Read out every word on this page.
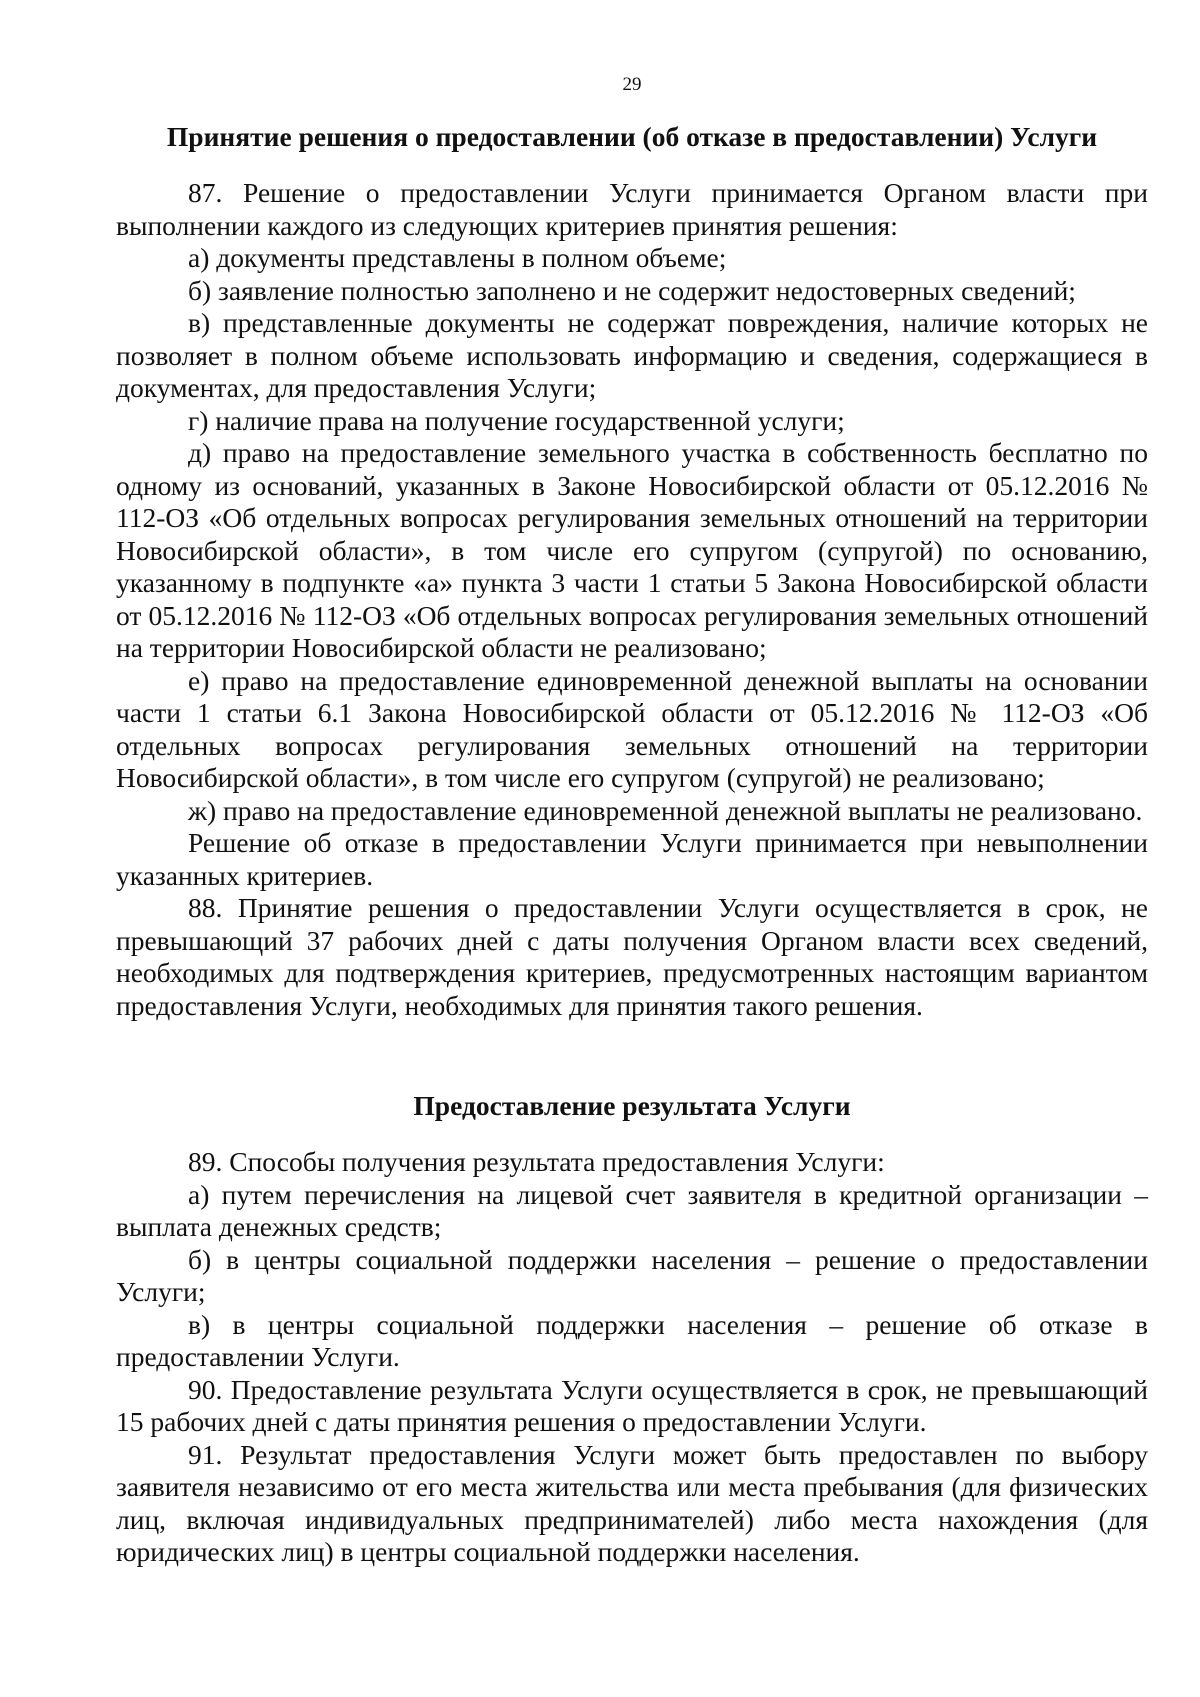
29
Принятие решения о предоставлении (об отказе в предоставлении) Услуги

87. Решение о предоставлении Услуги принимается Органом власти при выполнении каждого из следующих критериев принятия решения:

а) документы представлены в полном объеме;

б) заявление полностью заполнено и не содержит недостоверных сведений;

в) представленные документы не содержат повреждения, наличие которых не позволяет в полном объеме использовать информацию и сведения, содержащиеся в документах, для предоставления Услуги;

г) наличие права на получение государственной услуги;

д) право на предоставление земельного участка в собственность бесплатно по одному из оснований, указанных в Законе Новосибирской области от 05.12.2016 № 112-ОЗ «Об отдельных вопросах регулирования земельных отношений на территории Новосибирской области», в том числе его супругом (супругой) по основанию, указанному в подпункте «а» пункта 3 части 1 статьи 5 Закона Новосибирской области от 05.12.2016 № 112-ОЗ «Об отдельных вопросах регулирования земельных отношений на территории Новосибирской области не реализовано;

е) право на предоставление единовременной денежной выплаты на основании части 1 статьи 6.1 Закона Новосибирской области от 05.12.2016 № 112-ОЗ «Об отдельных вопросах регулирования земельных отношений на территории Новосибирской области», в том числе его супругом (супругой) не реализовано;

ж) право на предоставление единовременной денежной выплаты не реализовано.

Решение об отказе в предоставлении Услуги принимается при невыполнении указанных критериев.

88. Принятие решения о предоставлении Услуги осуществляется в срок, не превышающий 37 рабочих дней с даты получения Органом власти всех сведений, необходимых для подтверждения критериев, предусмотренных настоящим вариантом предоставления Услуги, необходимых для принятия такого решения.

Предоставление результата Услуги

89. Способы получения результата предоставления Услуги:

а) путем перечисления на лицевой счет заявителя в кредитной организации – выплата денежных средств;

б) в центры социальной поддержки населения – решение о предоставлении Услуги;

в) в центры социальной поддержки населения – решение об отказе в предоставлении Услуги.

90. Предоставление результата Услуги осуществляется в срок, не превышающий 15 рабочих дней с даты принятия решения о предоставлении Услуги.

91. Результат предоставления Услуги может быть предоставлен по выбору заявителя независимо от его места жительства или места пребывания (для физических лиц, включая индивидуальных предпринимателей) либо места нахождения (для юридических лиц) в центры социальной поддержки населения.
